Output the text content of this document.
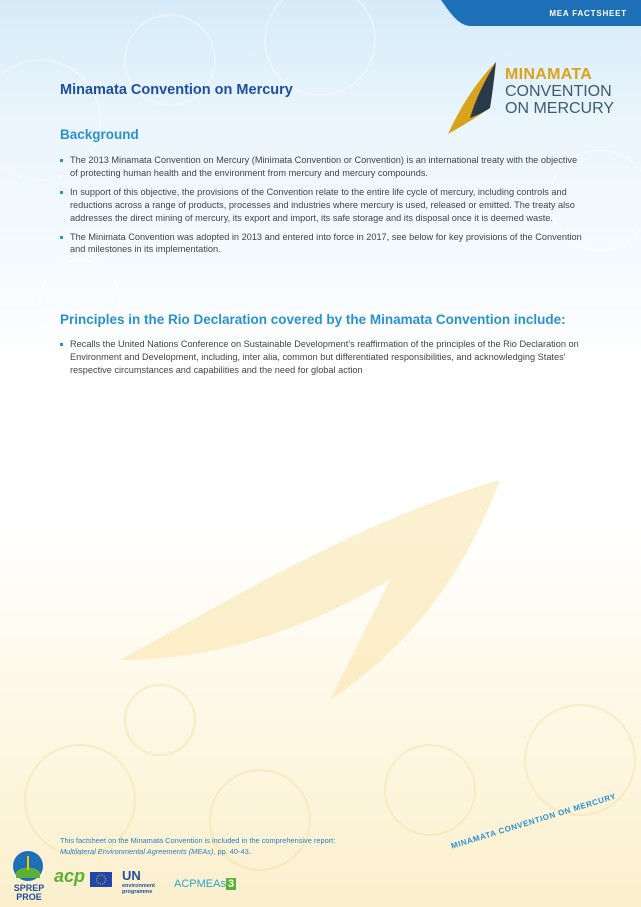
MEA FACTSHEET
Minamata Convention on Mercury
MINAMATA
CONVENTION
ON MERCURY
Background
The 2013 Minamata Convention on Mercury (Minimata Convention or Convention) is an international treaty with the objective of protecting human health and the environment from mercury and mercury compounds.
In support of this objective, the provisions of the Convention relate to the entire life cycle of mercury, including controls and reductions across a range of products, processes and industries where mercury is used, released or emitted. The treaty also addresses the direct mining of mercury, its export and import, its safe storage and its disposal once it is deemed waste.
The Minimata Convention was adopted in 2013 and entered into force in 2017, see below for key provisions of the Convention and milestones in its implementation.
Principles in the Rio Declaration covered by the Minamata Convention include:
Recalls the United Nations Conference on Sustainable Development's reaffirmation of the principles of the Rio Declaration on Environment and Development, including, inter alia, common but differentiated responsibilities, and acknowledging States' respective circumstances and capabilities and the need for global action
This factsheet on the Minamata Convention is included in the comprehensive report: Multilateral Environmental Agreements (MEAs), pp. 40-43.
MINAMATA CONVENTION ON MERCURY
SPREP
PROE
acp	UN
environment
programme
ACPMEAs 3
